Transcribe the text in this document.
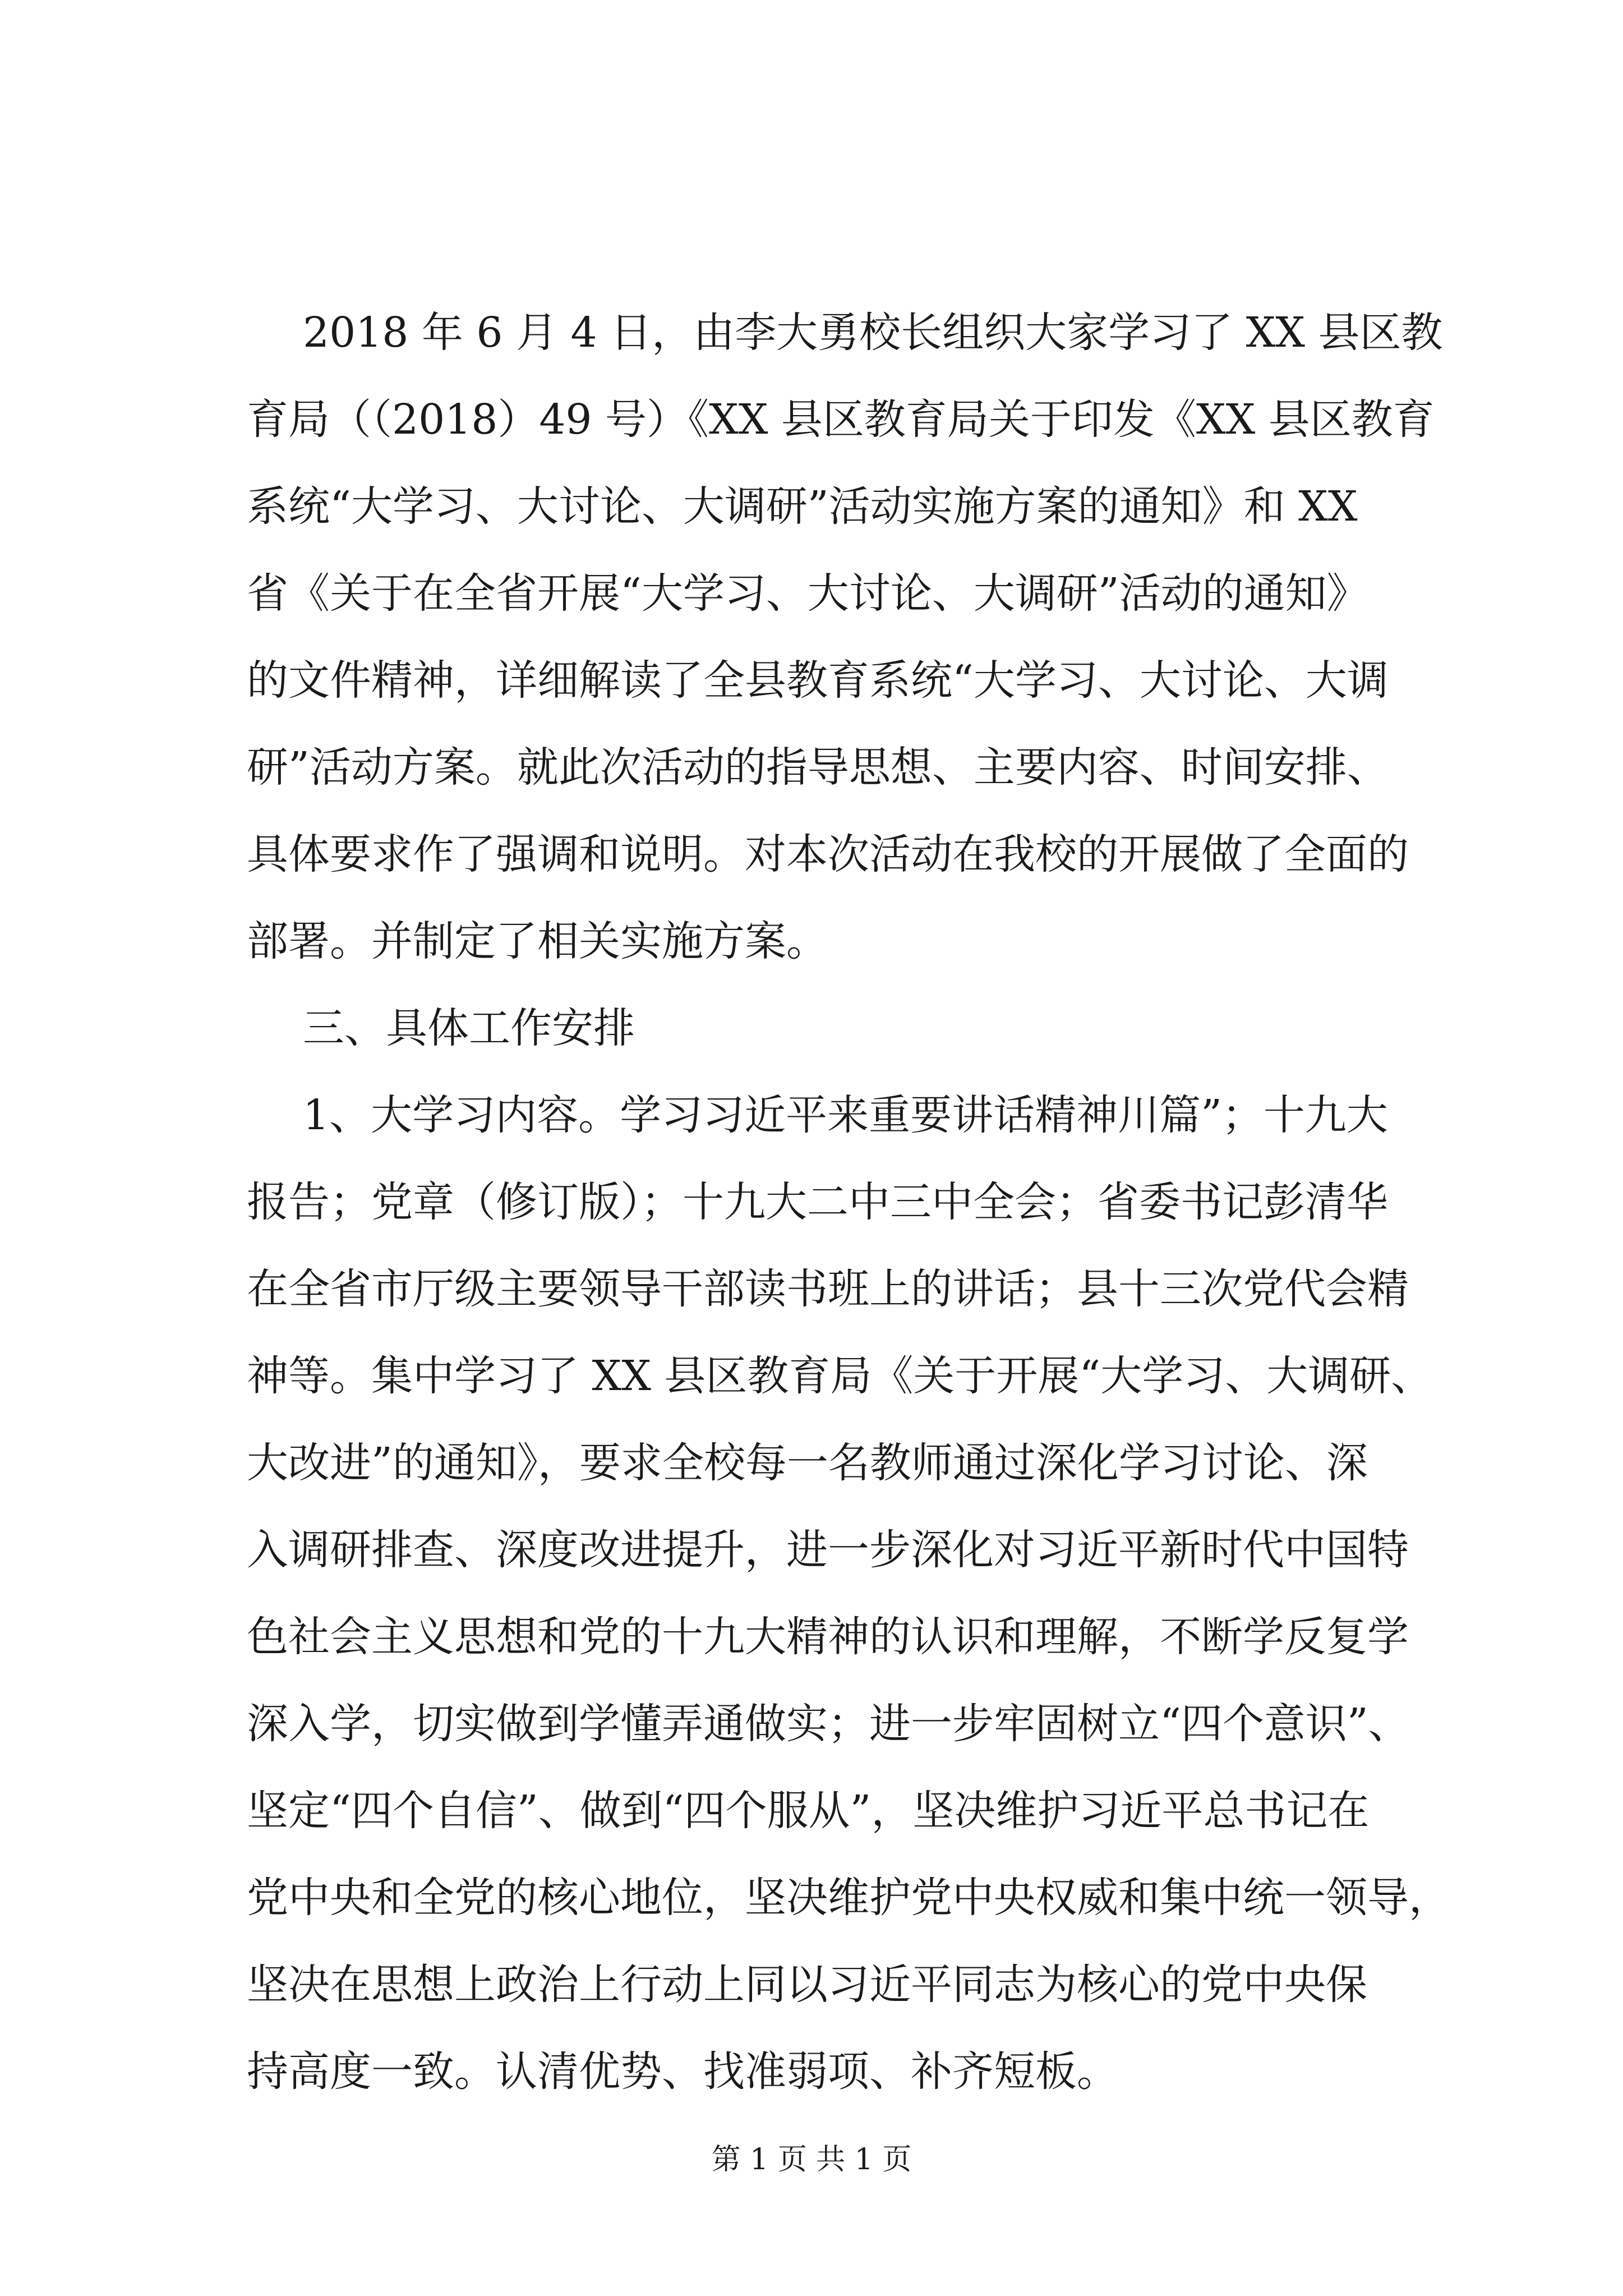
2018 年 6 月 4 日，由李大勇校长组织大家学习了 XX 县区教
育局（（2018）49 号）《XX 县区教育局关于印发《XX 县区教育
系统“大学习、大讨论、大调研”活动实施方案的通知》和 XX
省《关于在全省开展“大学习、大讨论、大调研”活动的通知》
的文件精神，详细解读了全县教育系统“大学习、大讨论、大调
研”活动方案。就此次活动的指导思想、主要内容、时间安排、
具体要求作了强调和说明。对本次活动在我校的开展做了全面的
部署。并制定了相关实施方案。
三、具体工作安排
1、大学习内容。学习习近平来重要讲话精神川篇”；十九大
报告；党章（修订版）；十九大二中三中全会；省委书记彭清华
在全省市厅级主要领导干部读书班上的讲话；县十三次党代会精
神等。集中学习了 XX 县区教育局《关于开展“大学习、大调研、
大改进”的通知》，要求全校每一名教师通过深化学习讨论、深
入调研排查、深度改进提升，进一步深化对习近平新时代中国特
色社会主义思想和党的十九大精神的认识和理解，不断学反复学
深入学，切实做到学懂弄通做实；进一步牢固树立“四个意识”、
坚定“四个自信”、做到“四个服从”，坚决维护习近平总书记在
党中央和全党的核心地位，坚决维护党中央权威和集中统一领导，
坚决在思想上政治上行动上同以习近平同志为核心的党中央保
持高度一致。认清优势、找准弱项、补齐短板。
第 1 页 共 1 页
